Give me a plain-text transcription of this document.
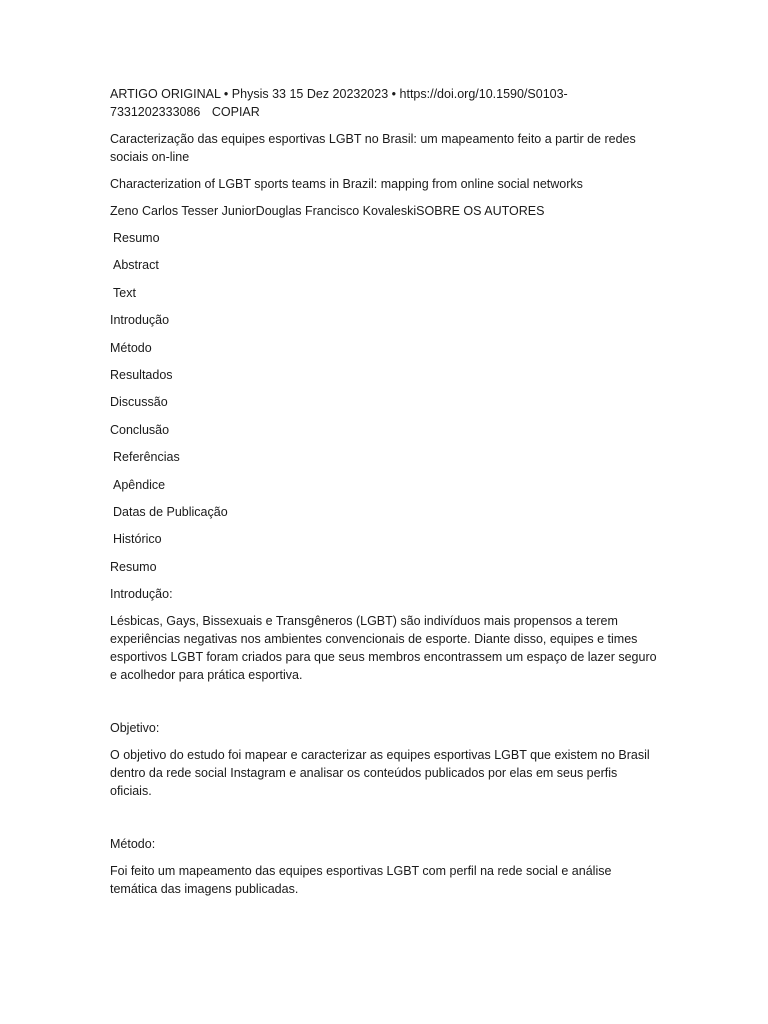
ARTIGO ORIGINAL • Physis 33 15 Dez 20232023 • https://doi.org/10.1590/S0103-7331202333086 COPIAR

Caracterização das equipes esportivas LGBT no Brasil: um mapeamento feito a partir de redes sociais on-line

Characterization of LGBT sports teams in Brazil: mapping from online social networks

Zeno Carlos Tesser JuniorDouglas Francisco KovaleskiSOBRE OS AUTORES

Resumo
Abstract
Text
Introdução
Método
Resultados
Discussão
Conclusão
Referências
Apêndice
Datas de Publicação
Histórico

Resumo

Introdução:

Lésbicas, Gays, Bissexuais e Transgêneros (LGBT) são indivíduos mais propensos a terem experiências negativas nos ambientes convencionais de esporte. Diante disso, equipes e times esportivos LGBT foram criados para que seus membros encontrassem um espaço de lazer seguro e acolhedor para prática esportiva.

Objetivo:

O objetivo do estudo foi mapear e caracterizar as equipes esportivas LGBT que existem no Brasil dentro da rede social Instagram e analisar os conteúdos publicados por elas em seus perfis oficiais.

Método:

Foi feito um mapeamento das equipes esportivas LGBT com perfil na rede social e análise temática das imagens publicadas.
